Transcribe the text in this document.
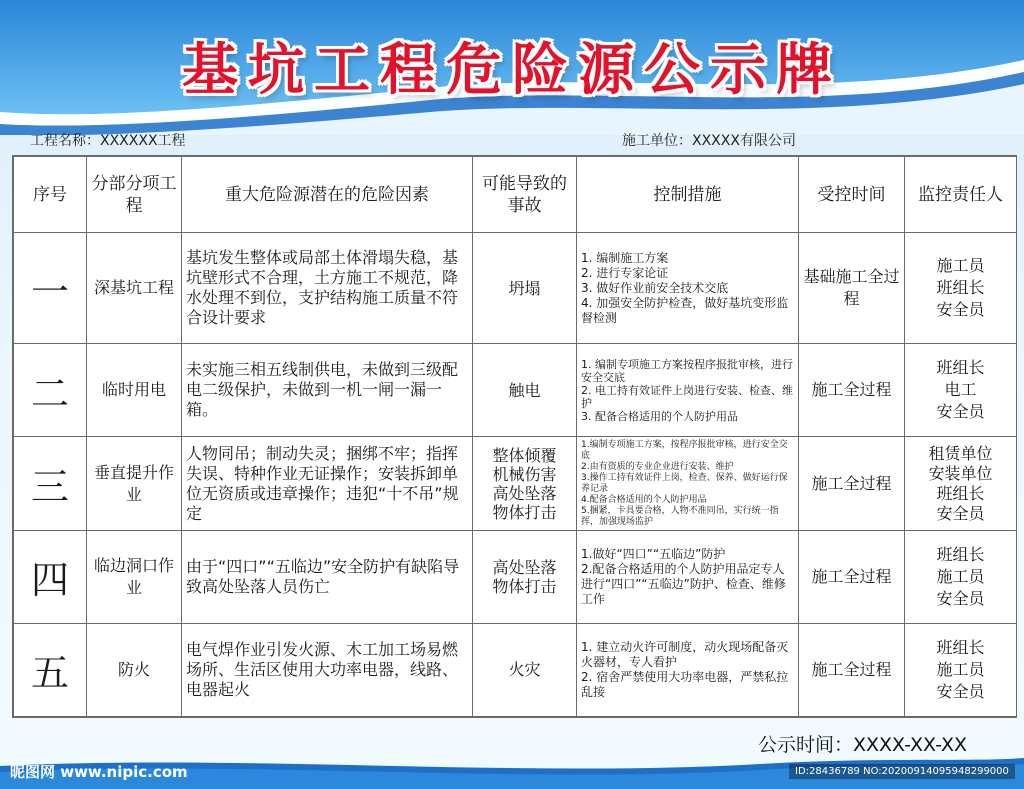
基坑工程危险源公示牌
工程名称：XXXXXX工程	施工单位：XXXXX有限公司
序号	分部分项工程	重大危险源潜在的危险因素	可能导致的事故	控制措施	受控时间	监控责任人
一	深基坑工程	基坑发生整体或局部土体滑塌失稳，基坑壁形式不合理，土方施工不规范，降水处理不到位，支护结构施工质量不符合设计要求	坍塌	1. 编制施工方案
2. 进行专家论证
3. 做好作业前安全技术交底
4. 加强安全防护检查，做好基坑变形监督检测	基础施工全过程	施工员
班组长
安全员

二	临时用电	未实施三相五线制供电，未做到三级配电二级保护，未做到一机一闸一漏一箱。	触电	1. 编制专项施工方案按程序报批审核，进行安全交底
2. 电工持有效证件上岗进行安装、检查、维护
3. 配备合格适用的个人防护用品	施工全过程	班组长
电工
安全员

三	垂直提升作业	人物同吊；制动失灵；捆绑不牢；指挥失误、特种作业无证操作；安装拆卸单位无资质或违章操作；违犯“十不吊”规定	整体倾覆
机械伤害
高处坠落
物体打击	1.编制专项施工方案，按程序报批审核，进行安全交底
2.由有资质的专业企业进行安装、维护
3.操作工持有效证件上岗，检查、保养、做好运行保养记录
4.配备合格适用的个人防护用品
5.捆紧，卡具要合格，人物不准同吊，实行统一指挥，加强现场监护	施工全过程	租赁单位
安装单位
班组长
安全员

四	临边洞口作业	由于“四口”“五临边”安全防护有缺陷导致高处坠落人员伤亡	高处坠落
物体打击	1.做好“四口”“五临边”防护
2.配备合格适用的个人防护用品定专人进行“四口”“五临边”防护、检查、维修工作	施工全过程	班组长
施工员
安全员

五	防火	电气焊作业引发火源、木工加工场易燃场所、生活区使用大功率电器，线路、电器起火	火灾	1. 建立动火许可制度，动火现场配备灭火器材，专人看护
2. 宿舍严禁使用大功率电器，严禁私拉乱接	施工全过程	班组长
施工员
安全员
公示时间：XXXX-XX-XX
昵图网 www.nipic.com	ID:28436789 NO:20200914095948299000
